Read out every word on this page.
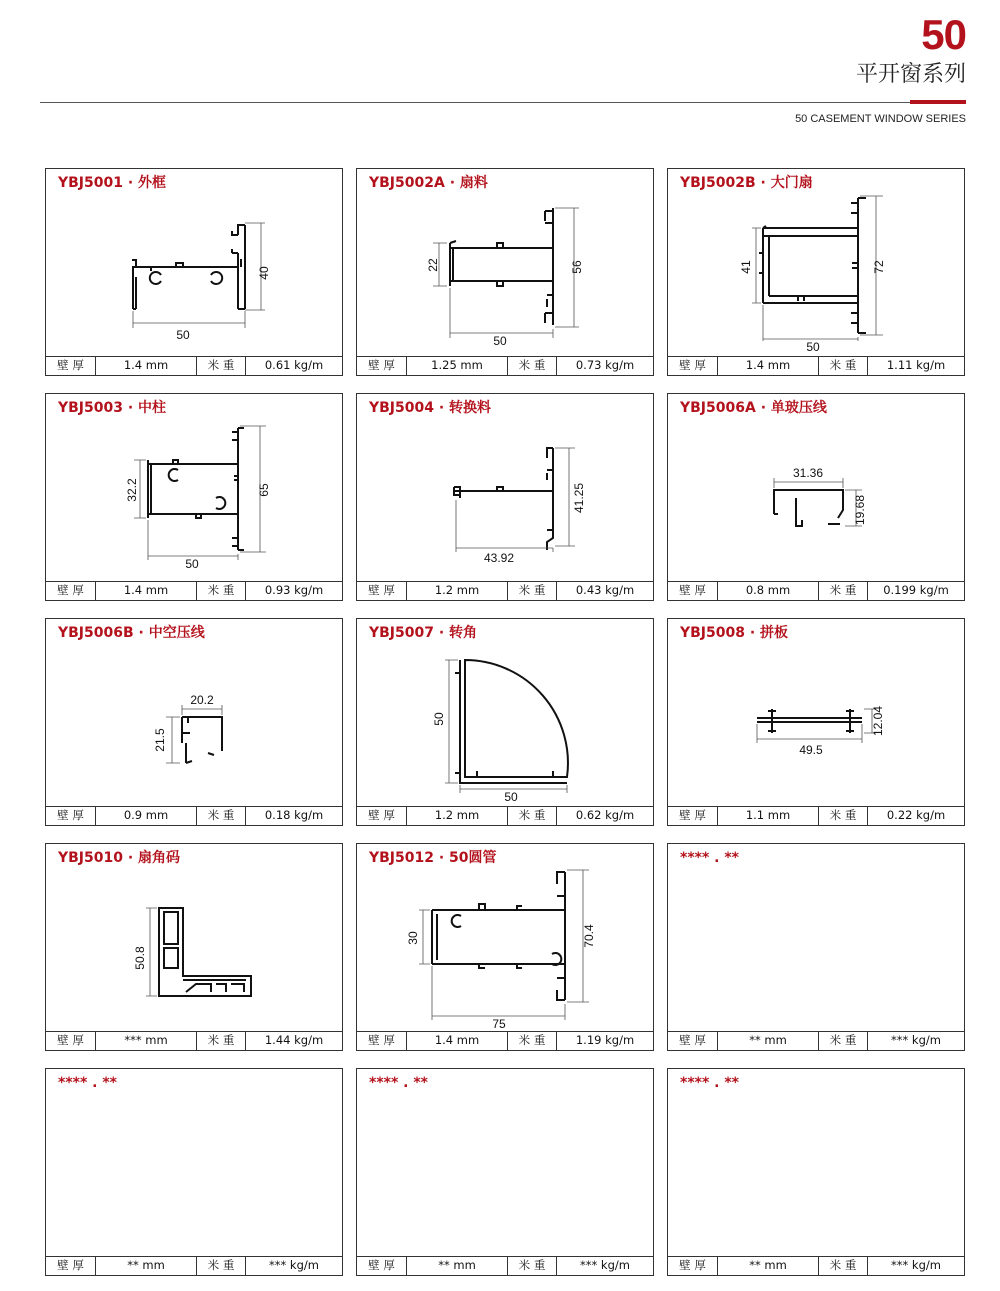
50
平开窗系列
50 CASEMENT WINDOW SERIES
YBJ5001 · 外框
50
40
壁 厚	1.4 mm	米 重	0.61 kg/m
YBJ5002A · 扇料
50
22	56
壁 厚	1.25 mm	米 重	0.73 kg/m
YBJ5002B · 大门扇
50
41	72
壁 厚	1.4 mm	米 重	1.11 kg/m
YBJ5003 · 中柱
50
32.2	65
壁 厚	1.4 mm	米 重	0.93 kg/m
YBJ5004 · 转换料
43.92
41.25
壁 厚	1.2 mm	米 重	0.43 kg/m
YBJ5006A · 单玻压线
31.36
19.68
壁 厚	0.8 mm	米 重	0.199 kg/m
YBJ5006B · 中空压线
20.2
21.5
壁 厚	0.9 mm	米 重	0.18 kg/m
YBJ5007 · 转角
50
50
壁 厚	1.2 mm	米 重	0.62 kg/m
YBJ5008 · 拼板
49.5
12.04
壁 厚	1.1 mm	米 重	0.22 kg/m
YBJ5010 · 扇角码
50.8
壁 厚	*** mm	米 重	1.44 kg/m
YBJ5012 · 50圆管
75
30	70.4
壁 厚	1.4 mm	米 重	1.19 kg/m
**** . **
壁 厚	** mm	米 重	*** kg/m
**** . **
壁 厚	** mm	米 重	*** kg/m
**** . **
壁 厚	** mm	米 重	*** kg/m
**** . **
壁 厚	** mm	米 重	*** kg/m
